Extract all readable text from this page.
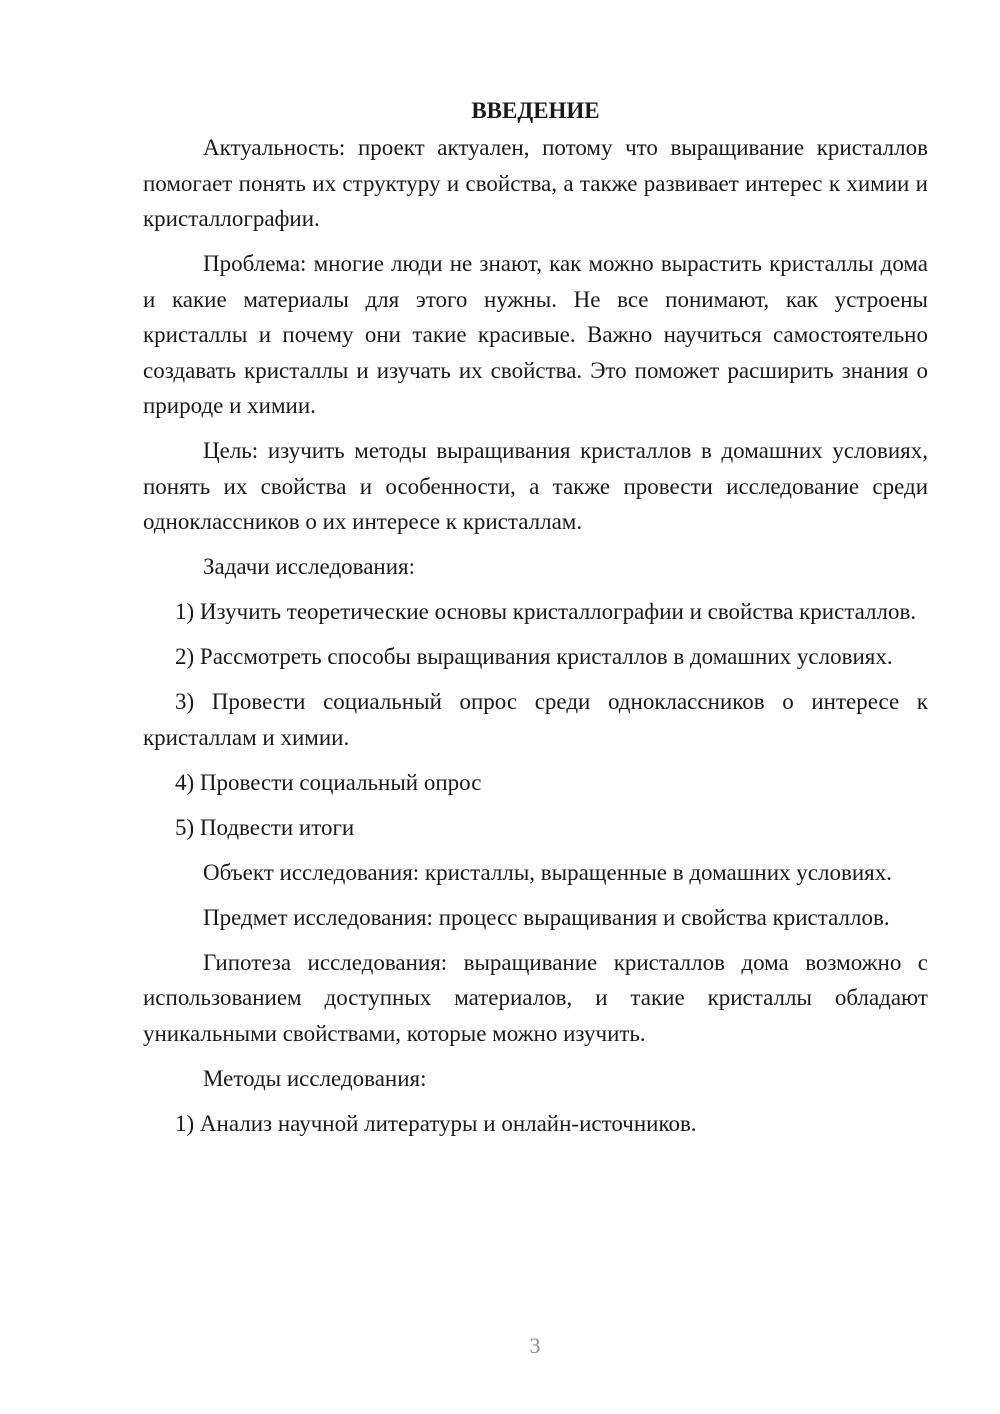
ВВЕДЕНИЕ

Актуальность: проект актуален, потому что выращивание кристаллов помогает понять их структуру и свойства, а также развивает интерес к химии и кристаллографии.

Проблема: многие люди не знают, как можно вырастить кристаллы дома и какие материалы для этого нужны. Не все понимают, как устроены кристаллы и почему они такие красивые. Важно научиться самостоятельно создавать кристаллы и изучать их свойства. Это поможет расширить знания о природе и химии.

Цель: изучить методы выращивания кристаллов в домашних условиях, понять их свойства и особенности, а также провести исследование среди одноклассников о их интересе к кристаллам.

Задачи исследования:

1) Изучить теоретические основы кристаллографии и свойства кристаллов.

2) Рассмотреть способы выращивания кристаллов в домашних условиях.

3) Провести социальный опрос среди одноклассников о интересе к кристаллам и химии.

4) Провести социальный опрос

5) Подвести итоги

Объект исследования: кристаллы, выращенные в домашних условиях.

Предмет исследования: процесс выращивания и свойства кристаллов.

Гипотеза исследования: выращивание кристаллов дома возможно с использованием доступных материалов, и такие кристаллы обладают уникальными свойствами, которые можно изучить.

Методы исследования:

1) Анализ научной литературы и онлайн-источников.

3
